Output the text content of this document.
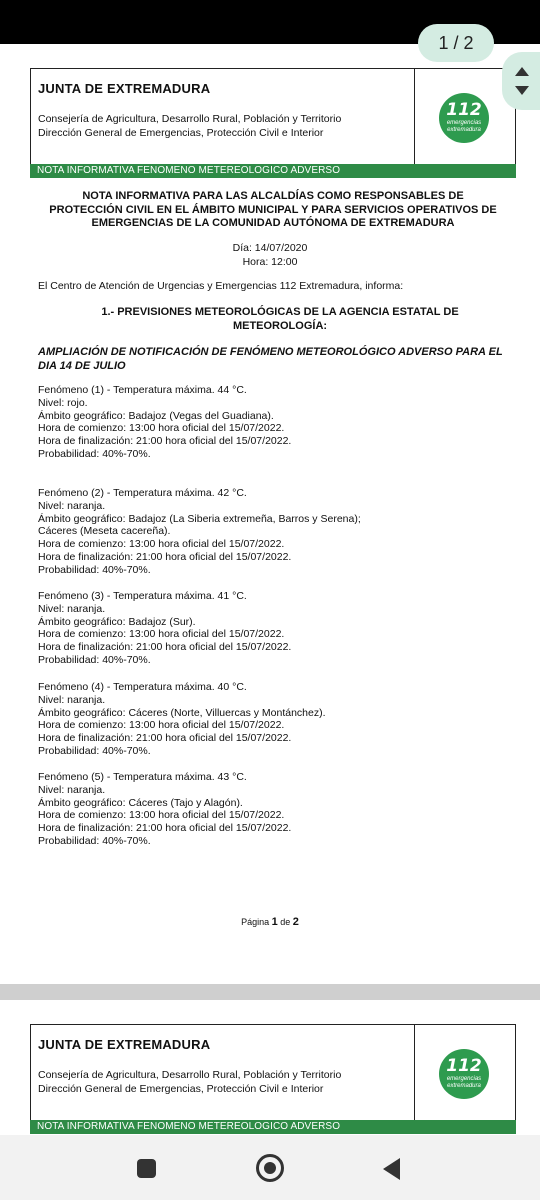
JUNTA DE EXTREMADURA
Consejería de Agricultura, Desarrollo Rural, Población y Territorio
Dirección General de Emergencias, Protección Civil e Interior
112
emergencias
extremadura
NOTA INFORMATIVA FENOMENO METEREOLOGICO ADVERSO
NOTA INFORMATIVA PARA LAS ALCALDÍAS COMO RESPONSABLES DE
PROTECCIÓN CIVIL EN EL ÁMBITO MUNICIPAL Y PARA SERVICIOS OPERATIVOS DE
EMERGENCIAS DE LA COMUNIDAD AUTÓNOMA DE EXTREMADURA
Día: 14/07/2020
Hora: 12:00
El Centro de Atención de Urgencias y Emergencias 112 Extremadura, informa:
1.- PREVISIONES METEOROLÓGICAS DE LA AGENCIA ESTATAL DE
METEOROLOGÍA:
AMPLIACIÓN DE NOTIFICACIÓN DE FENÓMENO METEOROLÓGICO ADVERSO PARA EL
DIA 14 DE JULIO
Fenómeno (1) - Temperatura máxima. 44 °C.
Nivel: rojo.
Ámbito geográfico: Badajoz (Vegas del Guadiana).
Hora de comienzo: 13:00 hora oficial del 15/07/2022.
Hora de finalización: 21:00 hora oficial del 15/07/2022.
Probabilidad: 40%-70%.
Fenómeno (2) - Temperatura máxima. 42 °C.
Nivel: naranja.
Ámbito geográfico: Badajoz (La Siberia extremeña, Barros y Serena);
Cáceres (Meseta cacereña).
Hora de comienzo: 13:00 hora oficial del 15/07/2022.
Hora de finalización: 21:00 hora oficial del 15/07/2022.
Probabilidad: 40%-70%.
Fenómeno (3) - Temperatura máxima. 41 °C.
Nivel: naranja.
Ámbito geográfico: Badajoz (Sur).
Hora de comienzo: 13:00 hora oficial del 15/07/2022.
Hora de finalización: 21:00 hora oficial del 15/07/2022.
Probabilidad: 40%-70%.
Fenómeno (4) - Temperatura máxima. 40 °C.
Nivel: naranja.
Ámbito geográfico: Cáceres (Norte, Villuercas y Montánchez).
Hora de comienzo: 13:00 hora oficial del 15/07/2022.
Hora de finalización: 21:00 hora oficial del 15/07/2022.
Probabilidad: 40%-70%.
Fenómeno (5) - Temperatura máxima. 43 °C.
Nivel: naranja.
Ámbito geográfico: Cáceres (Tajo y Alagón).
Hora de comienzo: 13:00 hora oficial del 15/07/2022.
Hora de finalización: 21:00 hora oficial del 15/07/2022.
Probabilidad: 40%-70%.
Página 1 de 2
1 / 2
JUNTA DE EXTREMADURA
Consejería de Agricultura, Desarrollo Rural, Población y Territorio
Dirección General de Emergencias, Protección Civil e Interior
112
emergencias
extremadura
NOTA INFORMATIVA FENOMENO METEREOLOGICO ADVERSO
